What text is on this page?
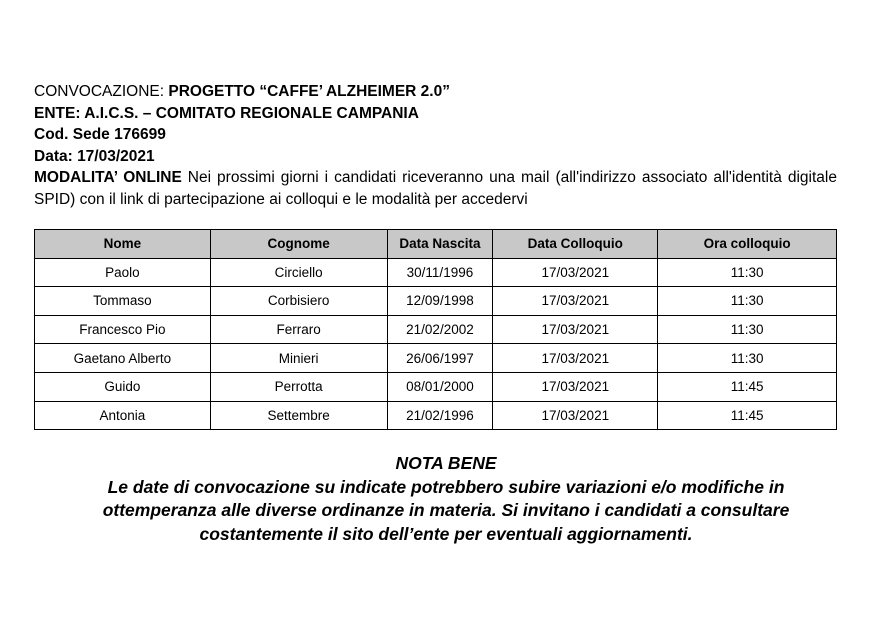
CONVOCAZIONE: PROGETTO “CAFFE’ ALZHEIMER 2.0”
ENTE: A.I.C.S. – COMITATO REGIONALE CAMPANIA
Cod. Sede 176699
Data: 17/03/2021
MODALITA’ ONLINE Nei prossimi giorni i candidati riceveranno una mail (all'indirizzo associato all'identità digitale SPID) con il link di partecipazione ai colloqui e le modalità per accedervi
Nome	Cognome	Data Nascita	Data Colloquio	Ora colloquio
Paolo	Circiello	30/11/1996	17/03/2021	11:30
Tommaso	Corbisiero	12/09/1998	17/03/2021	11:30
Francesco Pio	Ferraro	21/02/2002	17/03/2021	11:30
Gaetano Alberto	Minieri	26/06/1997	17/03/2021	11:30
Guido	Perrotta	08/01/2000	17/03/2021	11:45
Antonia	Settembre	21/02/1996	17/03/2021	11:45
NOTA BENE
Le date di convocazione su indicate potrebbero subire variazioni e/o modifiche in
ottemperanza alle diverse ordinanze in materia. Si invitano i candidati a consultare
costantemente il sito dell’ente per eventuali aggiornamenti.
